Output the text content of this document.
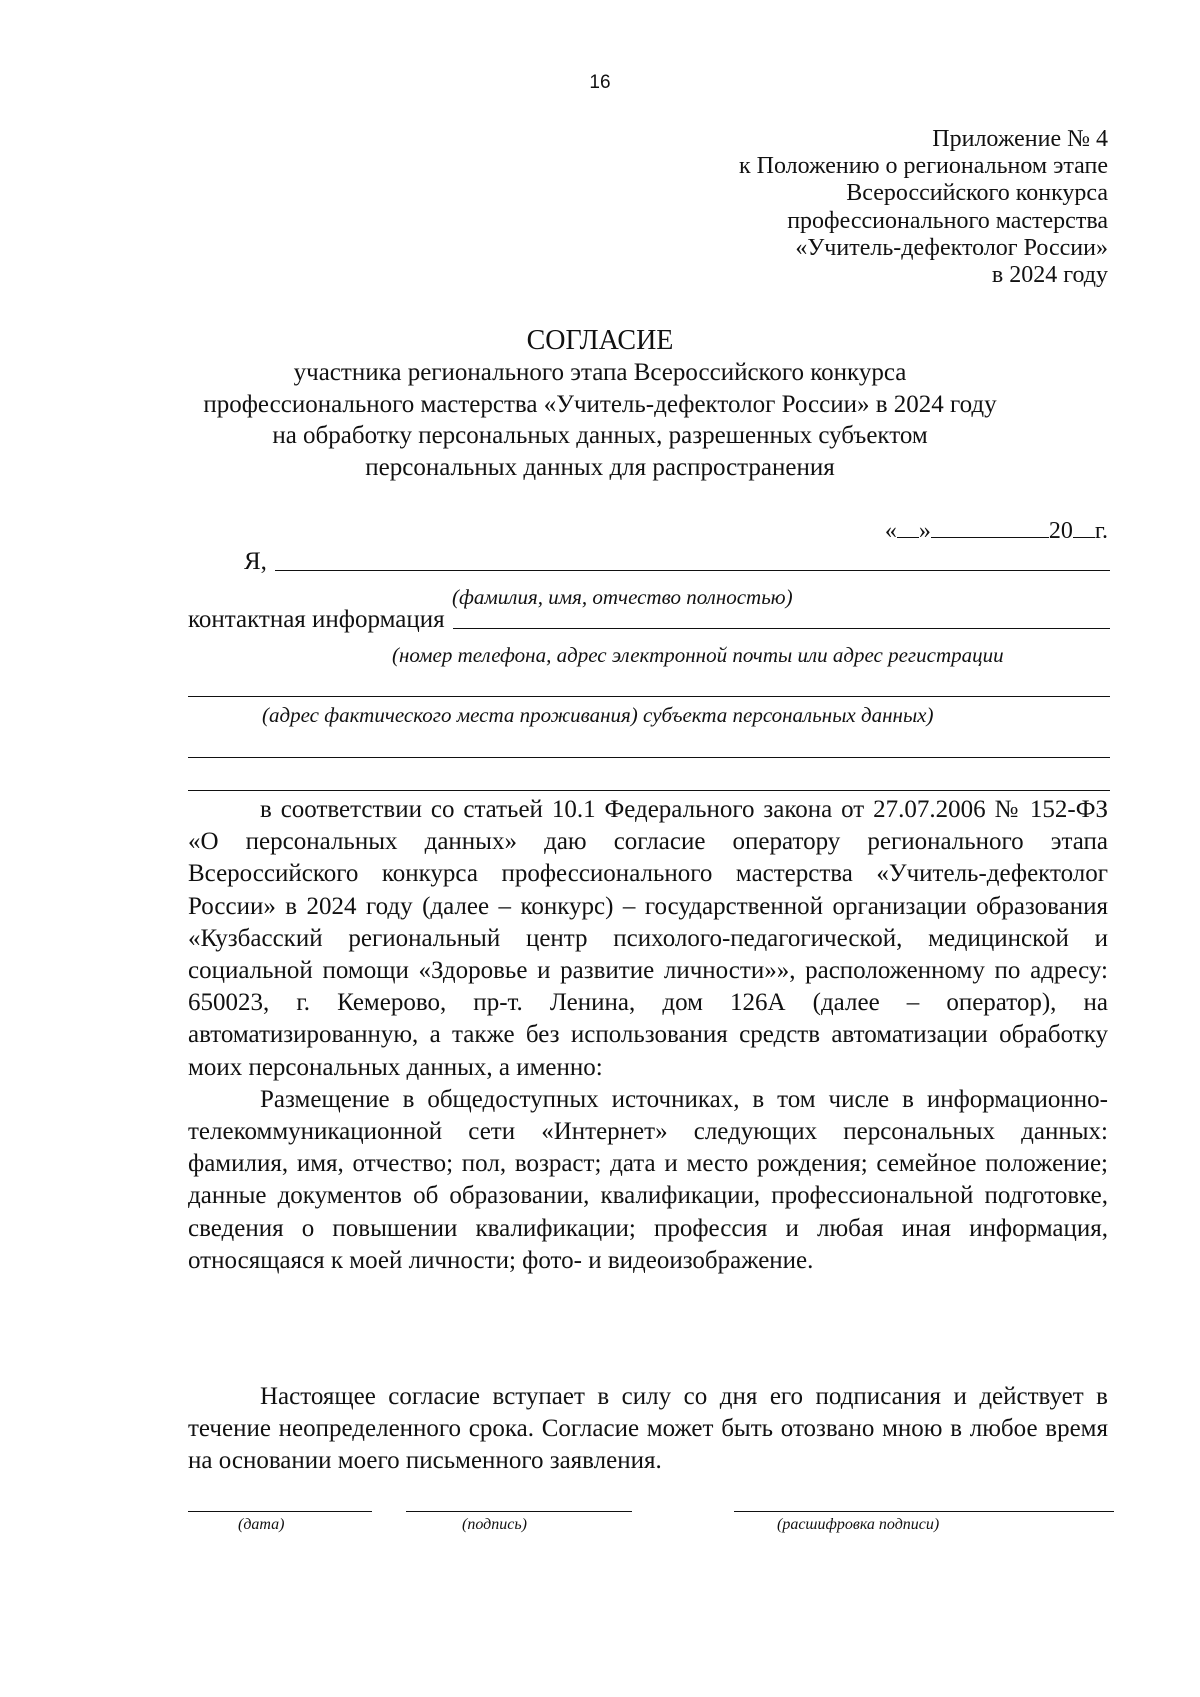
16
Приложение № 4
к Положению о региональном этапе
Всероссийского конкурса
профессионального мастерства
«Учитель-дефектолог России»
в 2024 году
СОГЛАСИЕ
участника регионального этапа Всероссийского конкурса
профессионального мастерства «Учитель-дефектолог России» в 2024 году
на обработку персональных данных, разрешенных субъектом
персональных данных для распространения
« »	20 г.
Я,
(фамилия, имя, отчество полностью)
контактная информация
(номер телефона, адрес электронной почты или адрес регистрации
(адрес фактического места проживания) субъекта персональных данных)

в соответствии со статьей 10.1 Федерального закона от 27.07.2006 № 152-ФЗ «О персональных данных» даю согласие оператору регионального этапа Всероссийского конкурса профессионального мастерства «Учитель-дефектолог России» в 2024 году (далее – конкурс) – государственной организации образования «Кузбасский региональный центр психолого-педагогической, медицинской и социальной помощи «Здоровье и развитие личности»», расположенному по адресу: 650023, г. Кемерово, пр-т. Ленина, дом 126А (далее – оператор), на автоматизированную, а также без использования средств автоматизации обработку моих персональных данных, а именно:

Размещение в общедоступных источниках, в том числе в информационно-телекоммуникационной сети «Интернет» следующих персональных данных: фамилия, имя, отчество; пол, возраст; дата и место рождения; семейное положение; данные документов об образовании, квалификации, профессиональной подготовке, сведения о повышении квалификации; профессия и любая иная информация, относящаяся к моей личности; фото- и видеоизображение.

Настоящее согласие вступает в силу со дня его подписания и действует в течение неопределенного срока. Согласие может быть отозвано мною в любое время на основании моего письменного заявления.

(дата)	(подпись)	(расшифровка подписи)
